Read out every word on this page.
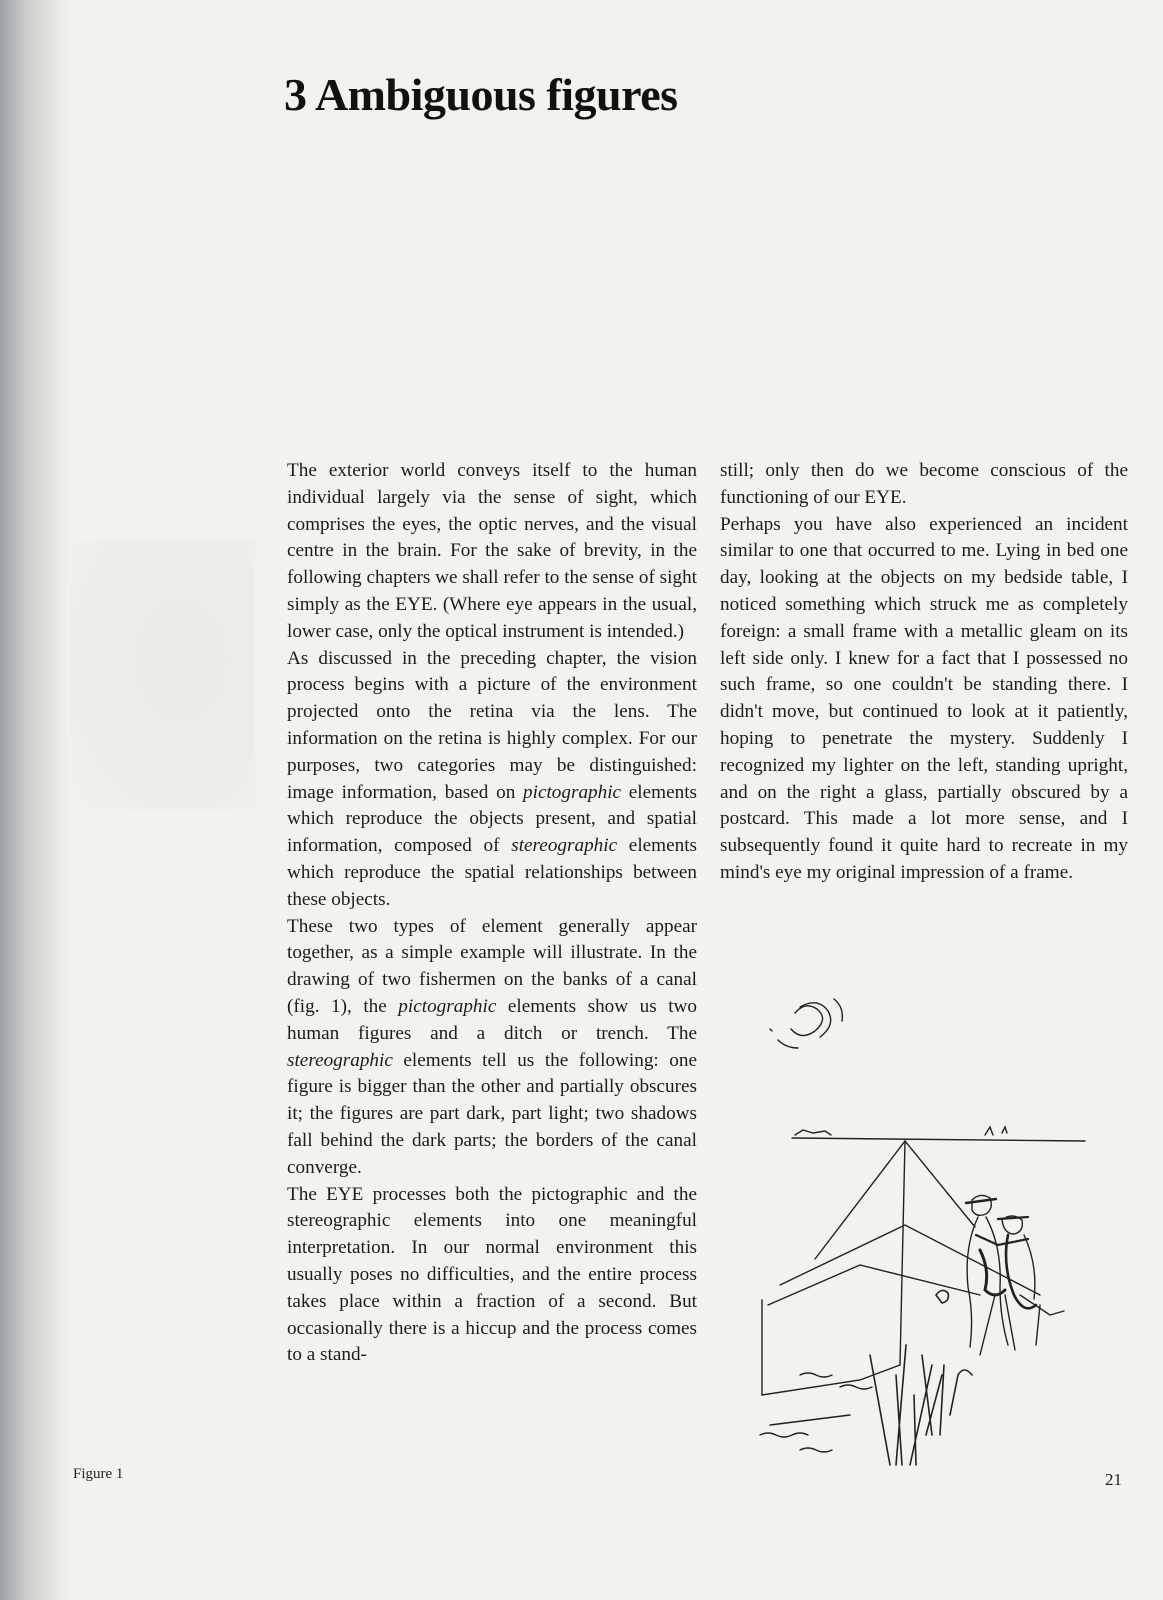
3 Ambiguous figures

The exterior world conveys itself to the human individual largely via the sense of sight, which comprises the eyes, the optic nerves, and the visual centre in the brain. For the sake of brevity, in the following chapters we shall refer to the sense of sight simply as the EYE. (Where eye appears in the usual, lower case, only the optical instrument is intended.)

As discussed in the preceding chapter, the vision process begins with a picture of the environment projected onto the retina via the lens. The information on the retina is highly complex. For our purposes, two categories may be distinguished: image information, based on pictographic elements which reproduce the objects present, and spatial information, composed of stereographic elements which reproduce the spatial relationships between these objects.

These two types of element generally appear together, as a simple example will illustrate. In the drawing of two fishermen on the banks of a canal (fig. 1), the pictographic elements show us two human figures and a ditch or trench. The stereographic elements tell us the following: one figure is bigger than the other and partially obscures it; the figures are part dark, part light; two shadows fall behind the dark parts; the borders of the canal converge.

The EYE processes both the pictographic and the stereographic elements into one meaningful interpretation. In our normal environment this usually poses no difficulties, and the entire process takes place within a fraction of a second. But occasionally there is a hiccup and the process comes to a stand-

still; only then do we become conscious of the functioning of our EYE.

Perhaps you have also experienced an incident similar to one that occurred to me. Lying in bed one day, looking at the objects on my bedside table, I noticed something which struck me as completely foreign: a small frame with a metallic gleam on its left side only. I knew for a fact that I possessed no such frame, so one couldn't be standing there. I didn't move, but continued to look at it patiently, hoping to penetrate the mystery. Suddenly I recognized my lighter on the left, standing upright, and on the right a glass, partially obscured by a postcard. This made a lot more sense, and I subsequently found it quite hard to recreate in my mind's eye my original impression of a frame.

Figure 1	21
